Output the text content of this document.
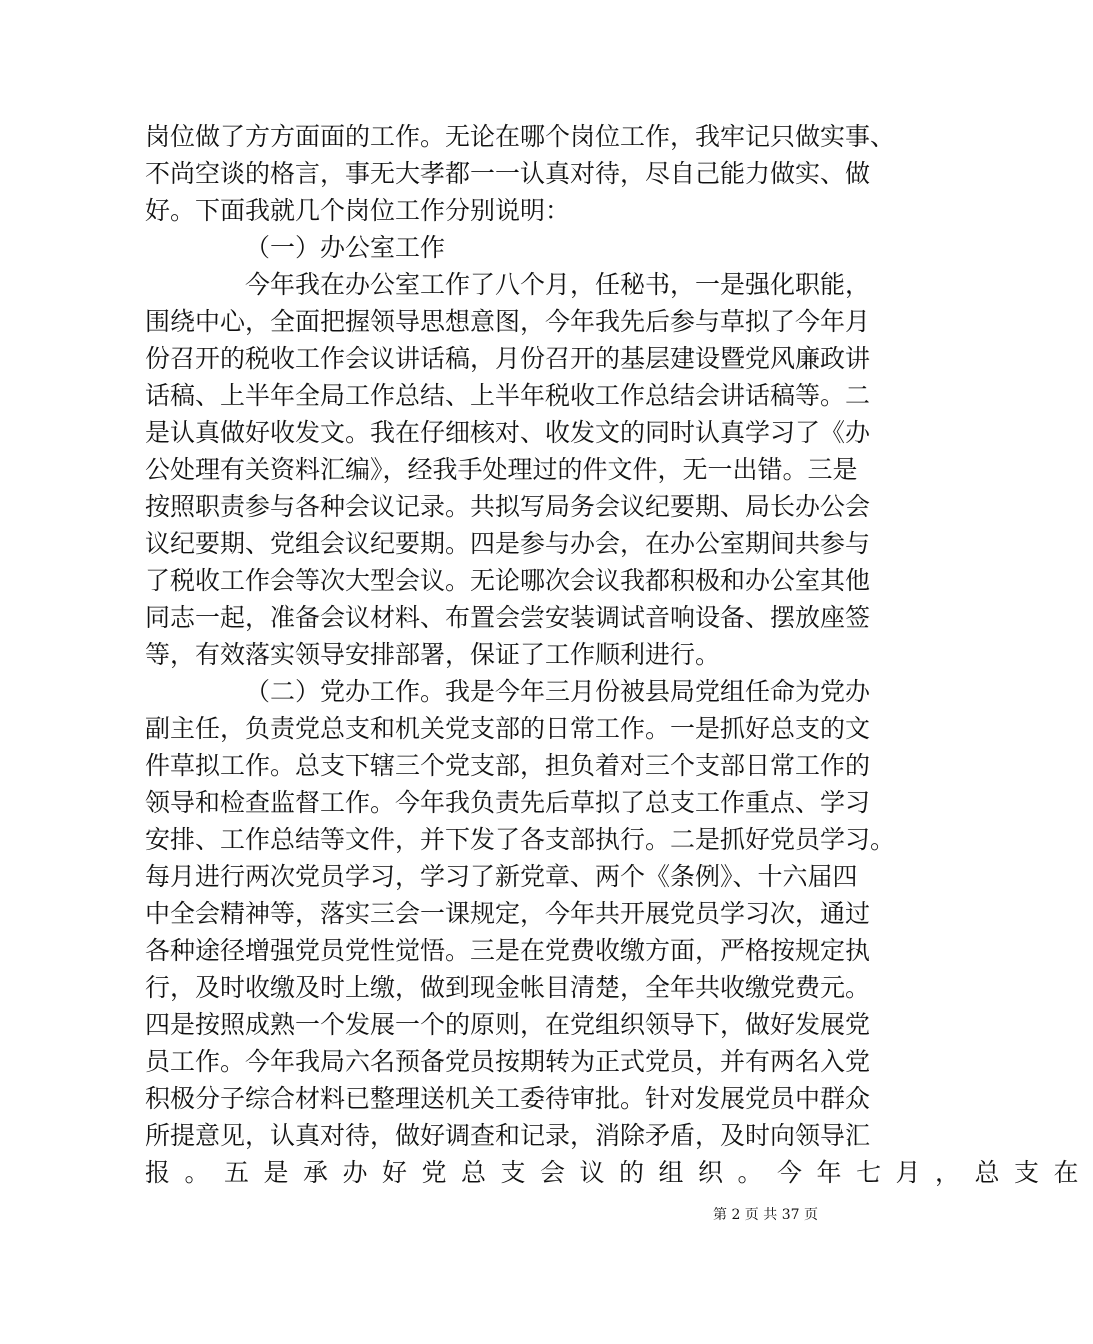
岗位做了方方面面的工作。无论在哪个岗位工作，我牢记只做实事、
不尚空谈的格言，事无大孝都一一认真对待，尽自己能力做实、做
好。下面我就几个岗位工作分别说明：
（一）办公室工作
今年我在办公室工作了八个月，任秘书，一是强化职能，
围绕中心，全面把握领导思想意图，今年我先后参与草拟了今年月
份召开的税收工作会议讲话稿，月份召开的基层建设暨党风廉政讲
话稿、上半年全局工作总结、上半年税收工作总结会讲话稿等。二
是认真做好收发文。我在仔细核对、收发文的同时认真学习了《办
公处理有关资料汇编》，经我手处理过的件文件，无一出错。三是
按照职责参与各种会议记录。共拟写局务会议纪要期、局长办公会
议纪要期、党组会议纪要期。四是参与办会，在办公室期间共参与
了税收工作会等次大型会议。无论哪次会议我都积极和办公室其他
同志一起，准备会议材料、布置会尝安装调试音响设备、摆放座签
等，有效落实领导安排部署，保证了工作顺利进行。
（二）党办工作。我是今年三月份被县局党组任命为党办
副主任，负责党总支和机关党支部的日常工作。一是抓好总支的文
件草拟工作。总支下辖三个党支部，担负着对三个支部日常工作的
领导和检查监督工作。今年我负责先后草拟了总支工作重点、学习
安排、工作总结等文件，并下发了各支部执行。二是抓好党员学习。
每月进行两次党员学习，学习了新党章、两个《条例》、十六届四
中全会精神等，落实三会一课规定，今年共开展党员学习次，通过
各种途径增强党员党性觉悟。三是在党费收缴方面，严格按规定执
行，及时收缴及时上缴，做到现金帐目清楚，全年共收缴党费元。
四是按照成熟一个发展一个的原则，在党组织领导下，做好发展党
员工作。今年我局六名预备党员按期转为正式党员，并有两名入党
积极分子综合材料已整理送机关工委待审批。针对发展党员中群众
所提意见，认真对待，做好调查和记录，消除矛盾，及时向领导汇
报。五是承办好党总支会议的组织。今年七月，总支在
第 2 页 共 37 页
